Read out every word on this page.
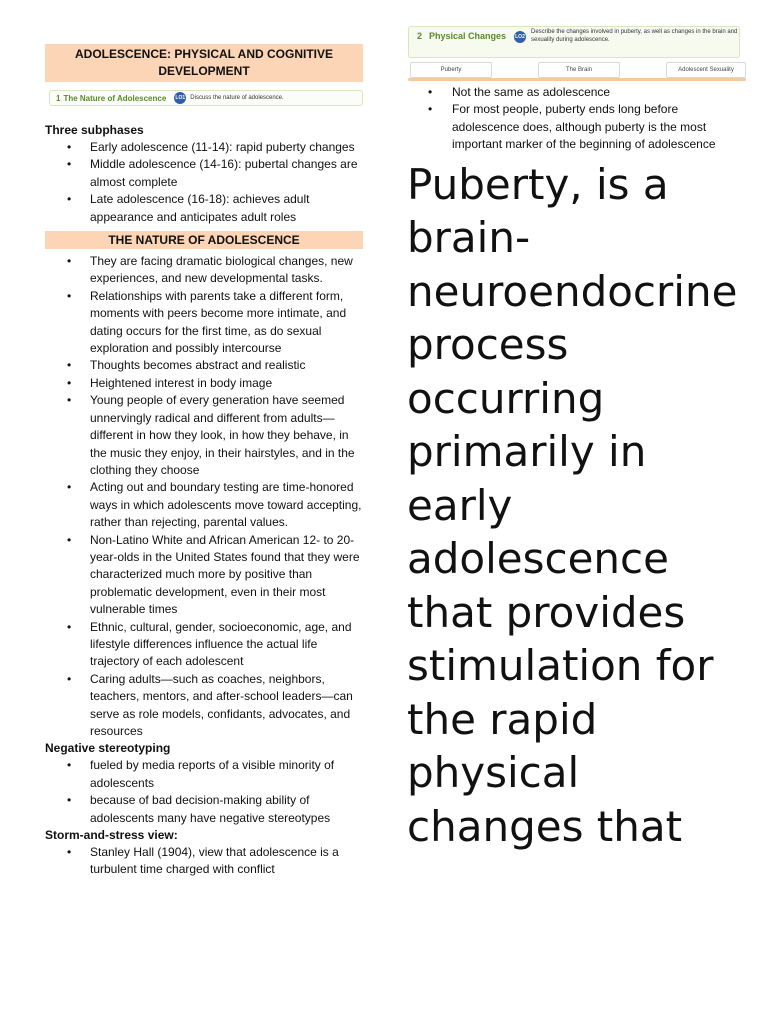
ADOLESCENCE: PHYSICAL AND COGNITIVE DEVELOPMENT
1 The Nature of Adolescence LO1 Discuss the nature of adolescence.

Three subphases

• Early adolescence (11-14): rapid puberty changes
• Middle adolescence (14-16): pubertal changes are almost complete
• Late adolescence (16-18): achieves adult appearance and anticipates adult roles
THE NATURE OF ADOLESCENCE
• They are facing dramatic biological changes, new experiences, and new developmental tasks.
• Relationships with parents take a different form, moments with peers become more intimate, and dating occurs for the first time, as do sexual exploration and possibly intercourse
• Thoughts becomes abstract and realistic
• Heightened interest in body image
• Young people of every generation have seemed unnervingly radical and different from adults—different in how they look, in how they behave, in the music they enjoy, in their hairstyles, and in the clothing they choose
• Acting out and boundary testing are time-honored ways in which adolescents move toward accepting, rather than rejecting, parental values.
• Non-Latino White and African American 12- to 20-year-olds in the United States found that they were characterized much more by positive than problematic development, even in their most vulnerable times
• Ethnic, cultural, gender, socioeconomic, age, and lifestyle differences influence the actual life trajectory of each adolescent
• Caring adults—such as coaches, neighbors, teachers, mentors, and after-school leaders—can serve as role models, confidants, advocates, and resources

Negative stereotyping

• fueled by media reports of a visible minority of adolescents
• because of bad decision-making ability of adolescents many have negative stereotypes

Storm-and-stress view:

• Stanley Hall (1904), view that adolescence is a turbulent time charged with conflict
2 Physical Changes LO2
Describe the changes involved in puberty, as well as changes in the brain and sexuality during adolescence.
Puberty	The Brain	Adolescent Sexuality
• Not the same as adolescence
• For most people, puberty ends long before adolescence does, although puberty is the most important marker of the beginning of adolescence
Puberty, is a brain-neuroendocrine process occurring primarily in early adolescence that provides stimulation for the rapid physical changes that
